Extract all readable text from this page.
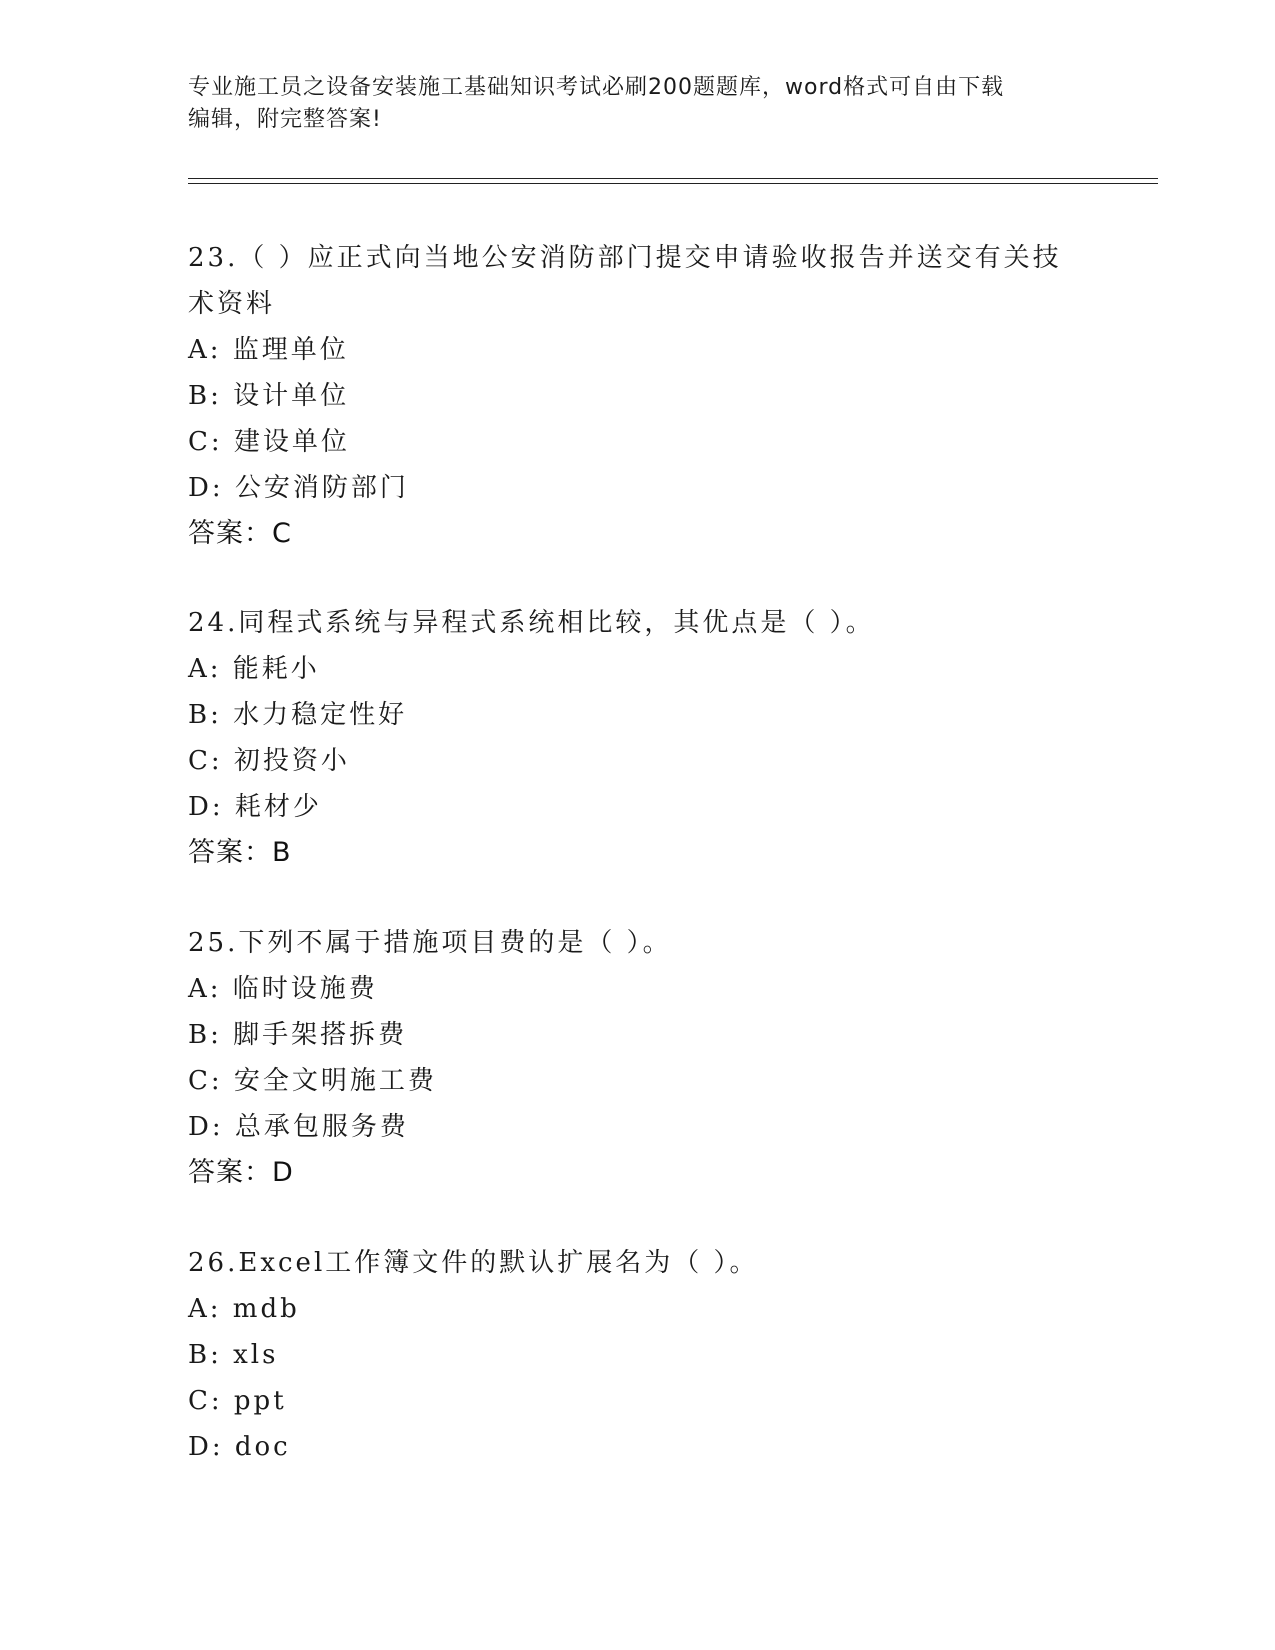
专业施工员之设备安装施工基础知识考试必刷200题题库，word格式可自由下载
编辑，附完整答案!

23.（ ）应正式向当地公安消防部门提交申请验收报告并送交有关技

术资料

A: 监理单位

B: 设计单位

C: 建设单位

D: 公安消防部门

答案：C

24.同程式系统与异程式系统相比较，其优点是（ ）。

A: 能耗小

B: 水力稳定性好

C: 初投资小

D: 耗材少

答案：B

25.下列不属于措施项目费的是（ ）。

A: 临时设施费

B: 脚手架搭拆费

C: 安全文明施工费

D: 总承包服务费

答案：D

26.Excel工作簿文件的默认扩展名为（ ）。

A: mdb

B: xls

C: ppt

D: doc
